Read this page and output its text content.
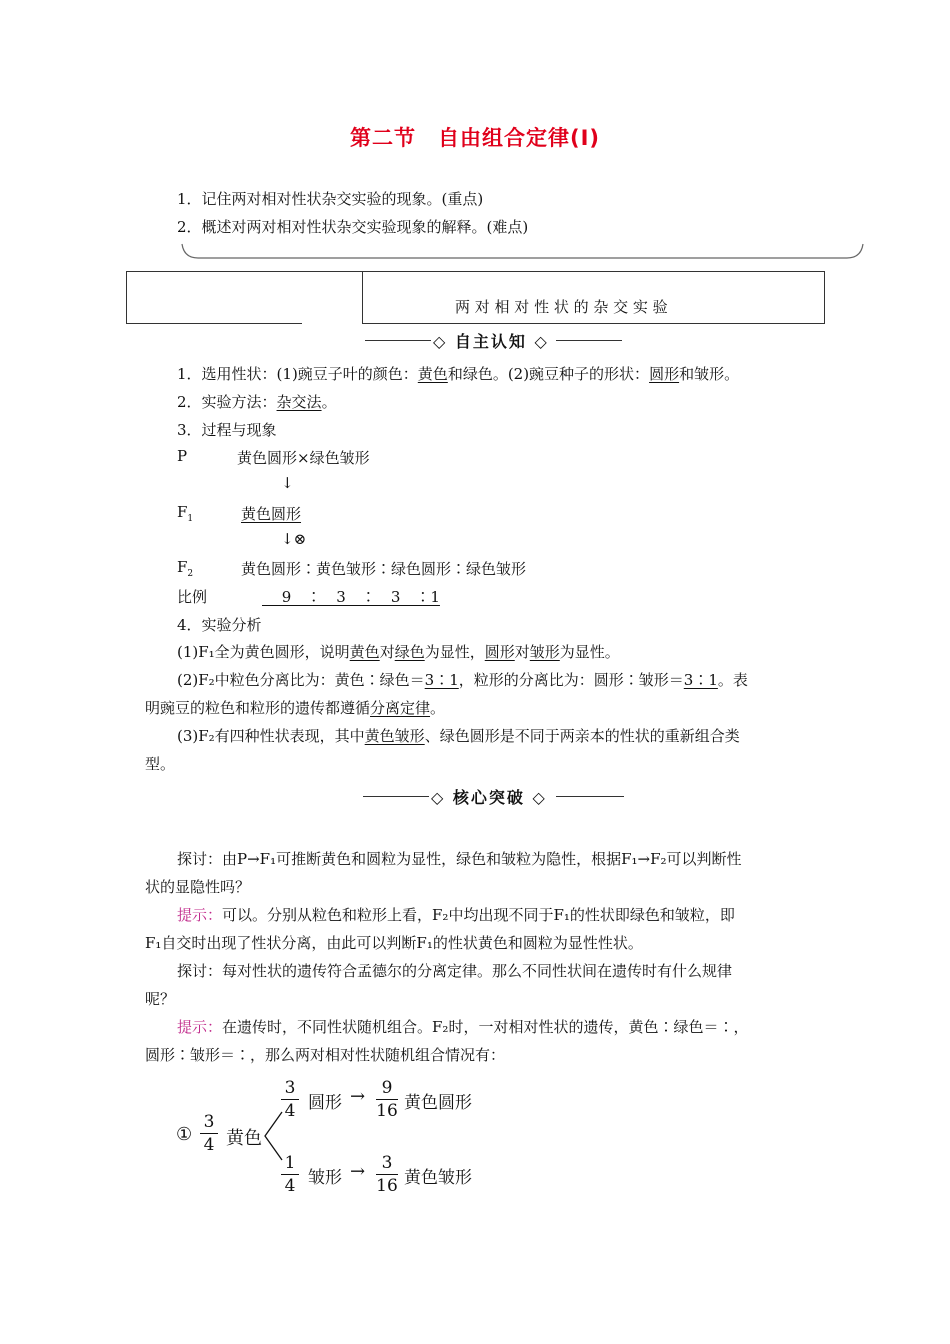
第二节　自由组合定律(Ⅰ)
1．记住两对相对性状杂交实验的现象。(重点)
2．概述对两对相对性状杂交实验现象的解释。(难点)
两 对 相 对 性 状 的 杂 交 实 验
◇ 自主认知 ◇
1．选用性状：(1)豌豆子叶的颜色：黄色和绿色。(2)豌豆种子的形状：圆形和皱形。
2．实验方法：杂交法。
3．过程与现象
P	黄色圆形×绿色皱形
↓
$F_1$	黄色圆形
↓⊗
$F_2$	黄色圆形∶黄色皱形∶绿色圆形∶绿色皱形
比例	　 9　∶　3　∶　3　∶1
4．实验分析
(1)F₁全为黄色圆形，说明黄色对绿色为显性，圆形对皱形为显性。
(2)F₂中粒色分离比为：黄色∶绿色＝3∶1，粒形的分离比为：圆形∶皱形＝3∶1。表
明豌豆的粒色和粒形的遗传都遵循分离定律。
(3)F₂有四种性状表现，其中黄色皱形、绿色圆形是不同于两亲本的性状的重新组合类
型。
◇ 核心突破 ◇
探讨：由P→F₁可推断黄色和圆粒为显性，绿色和皱粒为隐性，根据F₁→F₂可以判断性
状的显隐性吗？
提示：可以。分别从粒色和粒形上看，F₂中均出现不同于F₁的性状即绿色和皱粒，即
F₁自交时出现了性状分离，由此可以判断F₁的性状黄色和圆粒为显性性状。
探讨：每对性状的遗传符合孟德尔的分离定律。那么不同性状间在遗传时有什么规律
呢？
提示：在遗传时，不同性状随机组合。F₂时，一对相对性状的遗传，黄色∶绿色＝∶，
圆形∶皱形＝∶，那么两对相对性状随机组合情况有：
①
3
4 黄色
3
4 圆形 → 9
16 黄色圆形
1
4 皱形 → 3
16 黄色皱形
